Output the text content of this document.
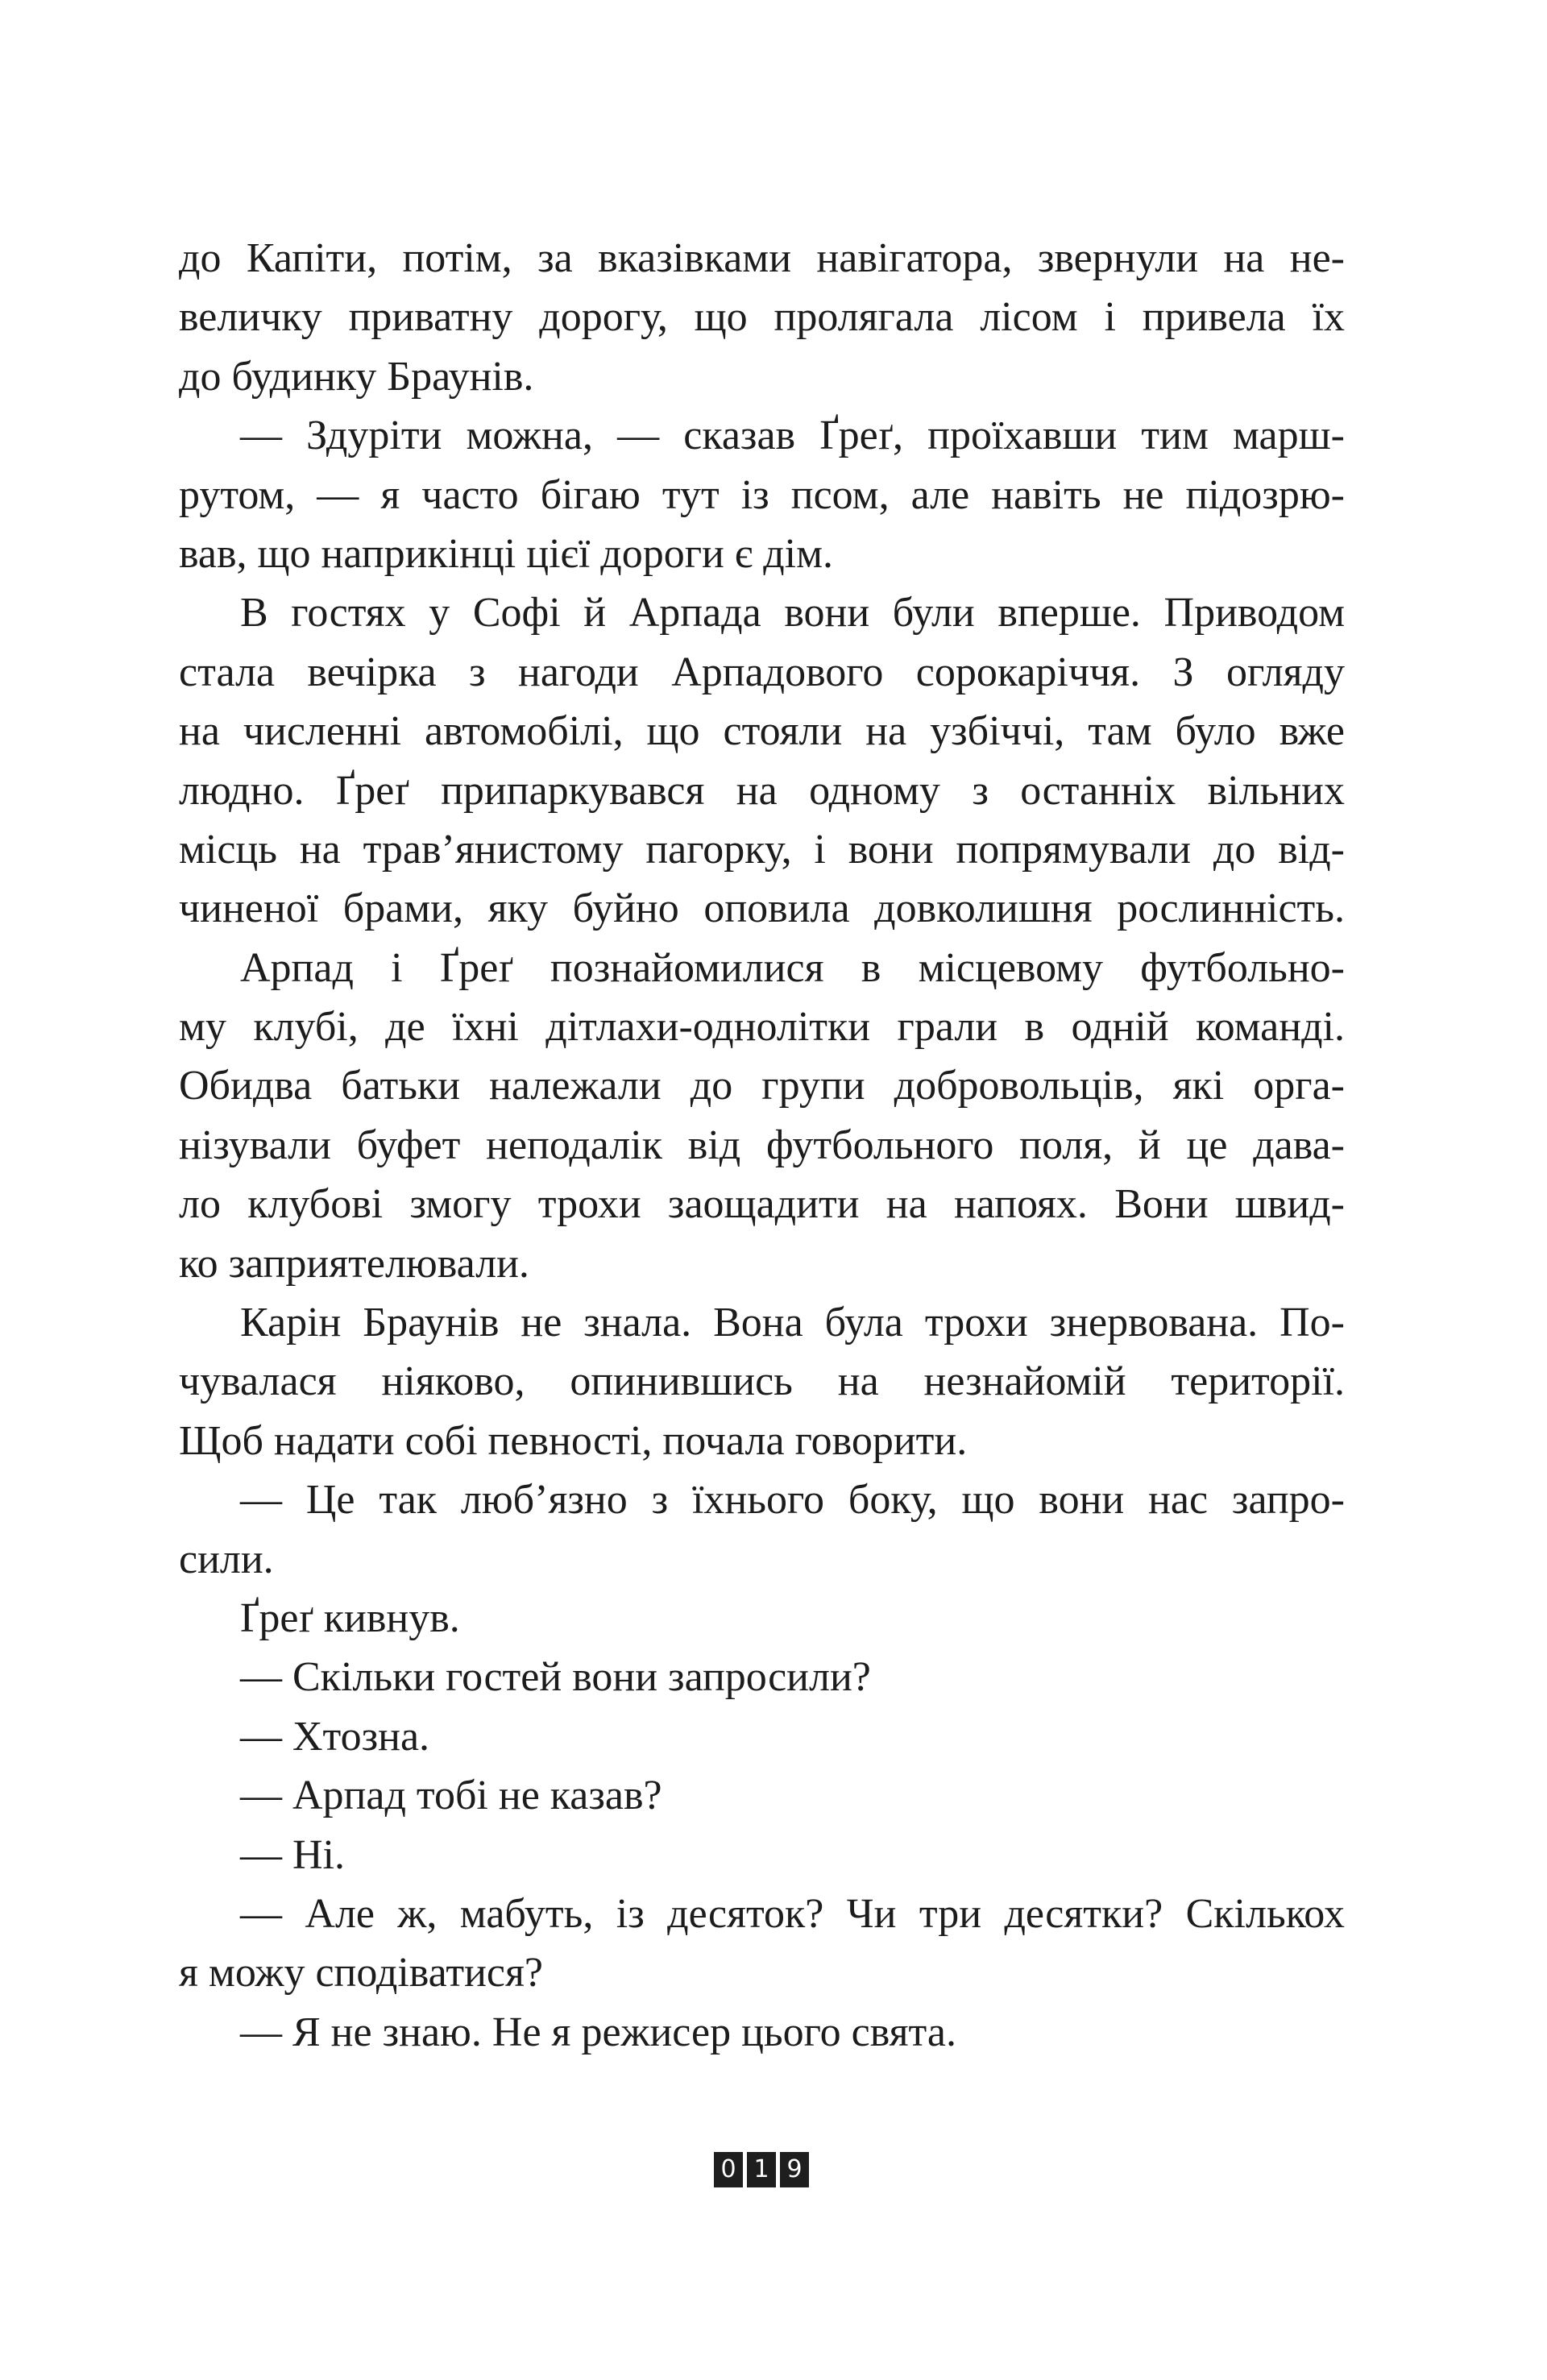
до Капіти, потім, за вказівками навігатора, звернули на не-
величку приватну дорогу, що пролягала лісом і привела їх
до будинку Браунів.
— Здуріти можна, — сказав Ґреґ, проїхавши тим марш-
рутом, — я часто бігаю тут із псом, але навіть не підозрю-
вав, що наприкінці цієї дороги є дім.
В гостях у Софі й Арпада вони були вперше. Приводом
стала вечірка з нагоди Арпадового сорокаріччя. З огляду
на численні автомобілі, що стояли на узбіччі, там було вже
людно. Ґреґ припаркувався на одному з останніх вільних
місць на трав’янистому пагорку, і вони попрямували до від-
чиненої брами, яку буйно оповила довколишня рослинність.
Арпад і Ґреґ познайомилися в місцевому футбольно-
му клубі, де їхні дітлахи-однолітки грали в одній команді.
Обидва батьки належали до групи добровольців, які орга-
нізували буфет неподалік від футбольного поля, й це дава-
ло клубові змогу трохи заощадити на напоях. Вони швид-
ко заприятелювали.
Карін Браунів не знала. Вона була трохи знервована. По-
чувалася ніяково, опинившись на незнайомій території.
Щоб надати собі певності, почала говорити.
— Це так люб’язно з їхнього боку, що вони нас запро-
сили.
Ґреґ кивнув.
— Скільки гостей вони запросили?
— Хтозна.
— Арпад тобі не казав?
— Ні.
— Але ж, мабуть, із десяток? Чи три десятки? Скількох
я можу сподіватися?
— Я не знаю. Не я режисер цього свята.
0 1 9
